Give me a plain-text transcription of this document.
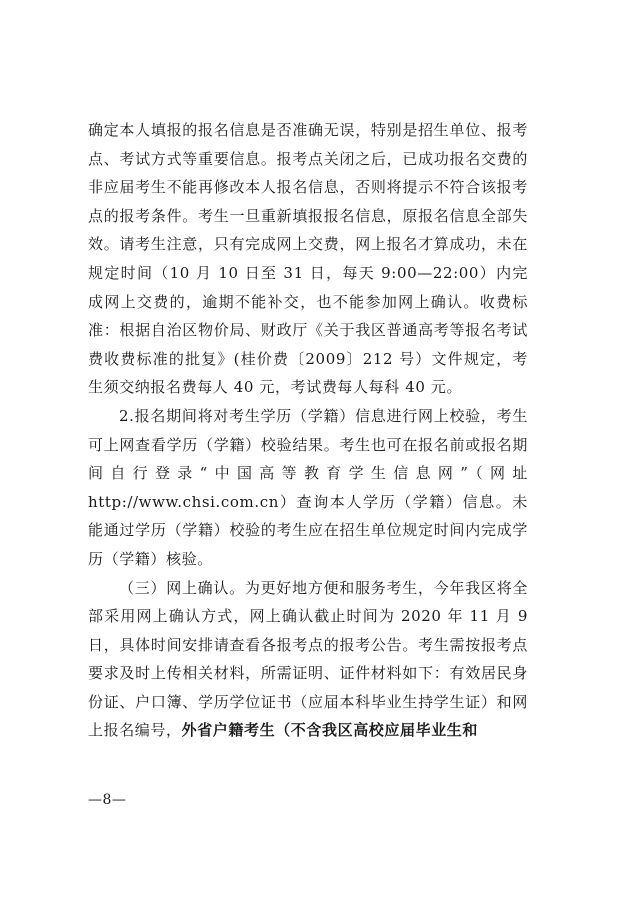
确定本人填报的报名信息是否准确无误，特别是招生单位、报考点、考试方式等重要信息。报考点关闭之后，已成功报名交费的非应届考生不能再修改本人报名信息，否则将提示不符合该报考点的报考条件。考生一旦重新填报报名信息，原报名信息全部失效。请考生注意，只有完成网上交费，网上报名才算成功，未在规定时间（10 月 10 日至 31 日，每天 9:00—22:00）内完成网上交费的，逾期不能补交，也不能参加网上确认。收费标准：根据自治区物价局、财政厅《关于我区普通高考等报名考试费收费标准的批复》(桂价费〔2009〕212 号）文件规定，考生须交纳报名费每人 40 元，考试费每人每科 40 元。

2.报名期间将对考生学历（学籍）信息进行网上校验，考生可上网查看学历（学籍）校验结果。考生也可在报名前或报名期间自行登录“中国高等教育学生信息网”（网址 http://www.chsi.com.cn）查询本人学历（学籍）信息。未能通过学历（学籍）校验的考生应在招生单位规定时间内完成学历（学籍）核验。

（三）网上确认。为更好地方便和服务考生，今年我区将全部采用网上确认方式，网上确认截止时间为 2020 年 11 月 9 日，具体时间安排请查看各报考点的报考公告。考生需按报考点要求及时上传相关材料，所需证明、证件材料如下：有效居民身份证、户口簿、学历学位证书（应届本科毕业生持学生证）和网上报名编号，外省户籍考生（不含我区高校应届毕业生和

—8—
